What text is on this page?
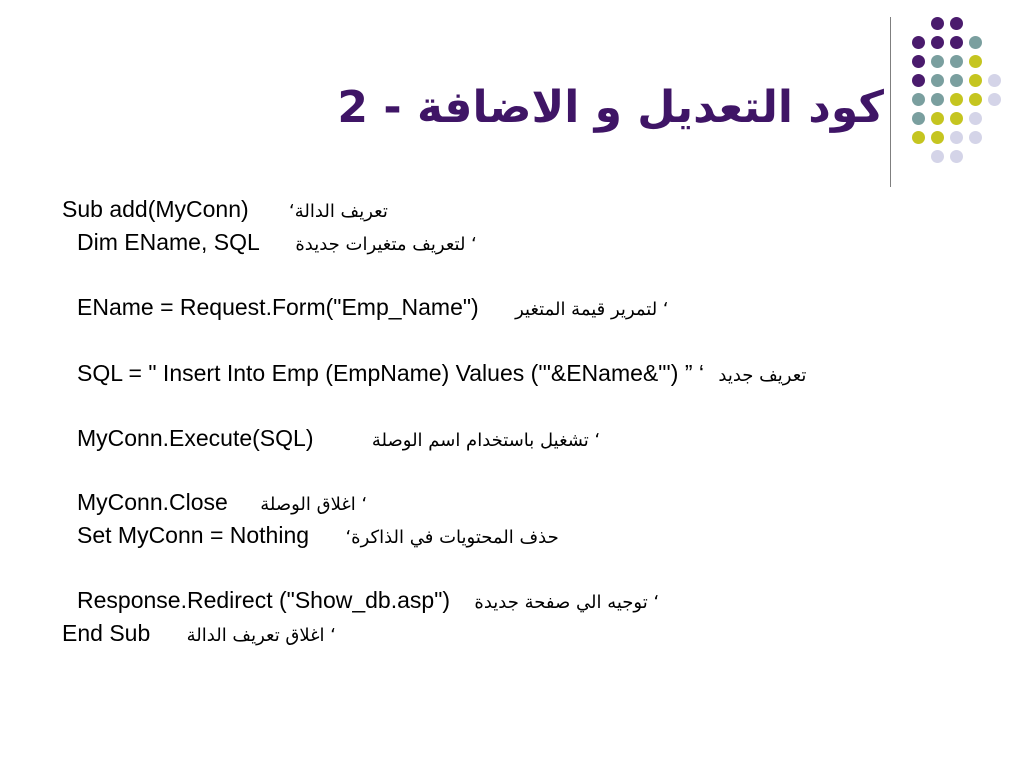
كود التعديل و الاضافة - 2
Sub add(MyConn) تعريف الدالة‘
Dim EName, SQL ‘ لتعريف متغيرات جديدة
EName = Request.Form("Emp_Name") ‘ لتمرير قيمة المتغير
SQL = " Insert Into Emp (EmpName) Values ('"&EName&"') ” ‘ تعريف جديد
MyConn.Execute(SQL)	‘ تشغيل باستخدام اسم الوصلة
MyConn.Close ‘ اغلاق الوصلة
Set MyConn = Nothing حذف المحتويات في الذاكرة‘
Response.Redirect ("Show_db.asp") ‘ توجيه الي صفحة جديدة
End Sub ‘ اغلاق تعريف الدالة
